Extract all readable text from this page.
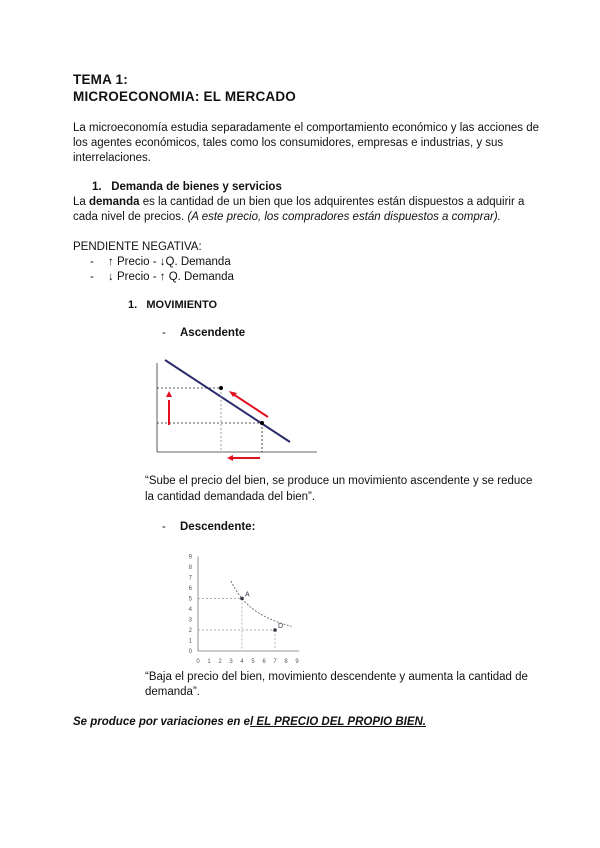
TEMA 1:
MICROECONOMIA: EL MERCADO
La microeconomía estudia separadamente el comportamiento económico y las acciones de
los agentes económicos, tales como los consumidores, empresas e industrias, y sus
interrelaciones.
1. Demanda de bienes y servicios
La demanda es la cantidad de un bien que los adquirentes están dispuestos a adquirir a
cada nivel de precios. (A este precio, los compradores están dispuestos a comprar).
PENDIENTE NEGATIVA:
- ↑ Precio - ↓Q. Demanda
- ↓ Precio - ↑ Q. Demanda
1. MOVIMIENTO
- Ascendente
“Sube el precio del bien, se produce un movimiento ascendente y se reduce
la cantidad demandada del bien”.
- Descendente:
0 1 2 3 4 5 6 7 8 9
0
1
2
3
4
5
6
7
8
9
A
D
“Baja el precio del bien, movimiento descendente y aumenta la cantidad de
demanda”.
Se produce por variaciones en el EL PRECIO DEL PROPIO BIEN.
